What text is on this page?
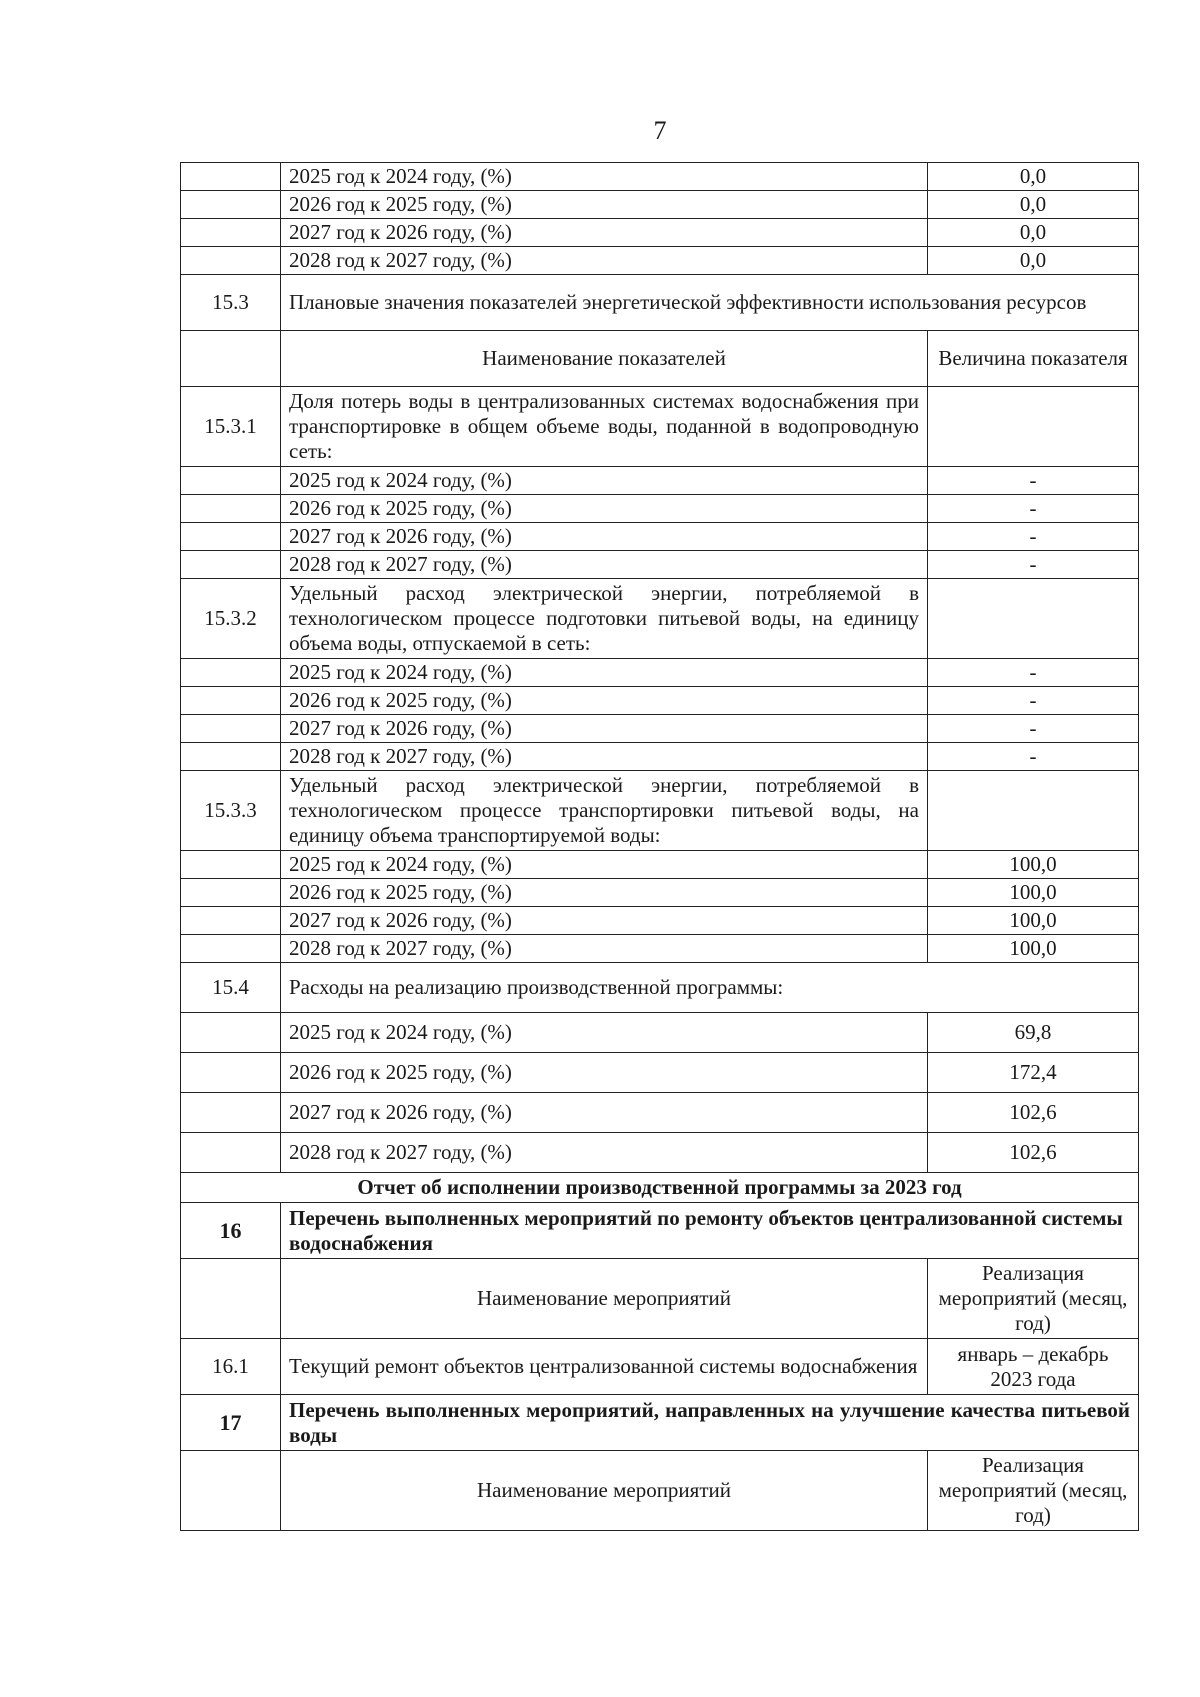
7
	2025 год к 2024 году, (%)	0,0
	2026 год к 2025 году, (%)	0,0
	2027 год к 2026 году, (%)	0,0
	2028 год к 2027 году, (%)	0,0
15.3	Плановые значения показателей энергетической эффективности использования ресурсов	
	Наименование показателей	Величина показателя
15.3.1	Доля потерь воды в централизованных системах водоснабжения при транспортировке в общем объеме воды, поданной в водопроводную сеть:	
	2025 год к 2024 году, (%)	-
	2026 год к 2025 году, (%)	-
	2027 год к 2026 году, (%)	-
	2028 год к 2027 году, (%)	-
15.3.2	Удельный расход электрической энергии, потребляемой в технологическом процессе подготовки питьевой воды, на единицу объема воды, отпускаемой в сеть:	
	2025 год к 2024 году, (%)	-
	2026 год к 2025 году, (%)	-
	2027 год к 2026 году, (%)	-
	2028 год к 2027 году, (%)	-
15.3.3	Удельный расход электрической энергии, потребляемой в технологическом процессе транспортировки питьевой воды, на единицу объема транспортируемой воды:	
	2025 год к 2024 году, (%)	100,0
	2026 год к 2025 году, (%)	100,0
	2027 год к 2026 году, (%)	100,0
	2028 год к 2027 году, (%)	100,0
15.4	Расходы на реализацию производственной программы:	
	2025 год к 2024 году, (%)	69,8
	2026 год к 2025 году, (%)	172,4
	2027 год к 2026 году, (%)	102,6
	2028 год к 2027 году, (%)	102,6
Отчет об исполнении производственной программы за 2023 год		
16	Перечень выполненных мероприятий по ремонту объектов централизованной системы водоснабжения	
	Наименование мероприятий	Реализация мероприятий (месяц, год)
16.1	Текущий ремонт объектов централизованной системы водоснабжения	январь – декабрь 2023 года
17	Перечень выполненных мероприятий, направленных на улучшение качества питьевой воды	
	Наименование мероприятий	Реализация мероприятий (месяц, год)
